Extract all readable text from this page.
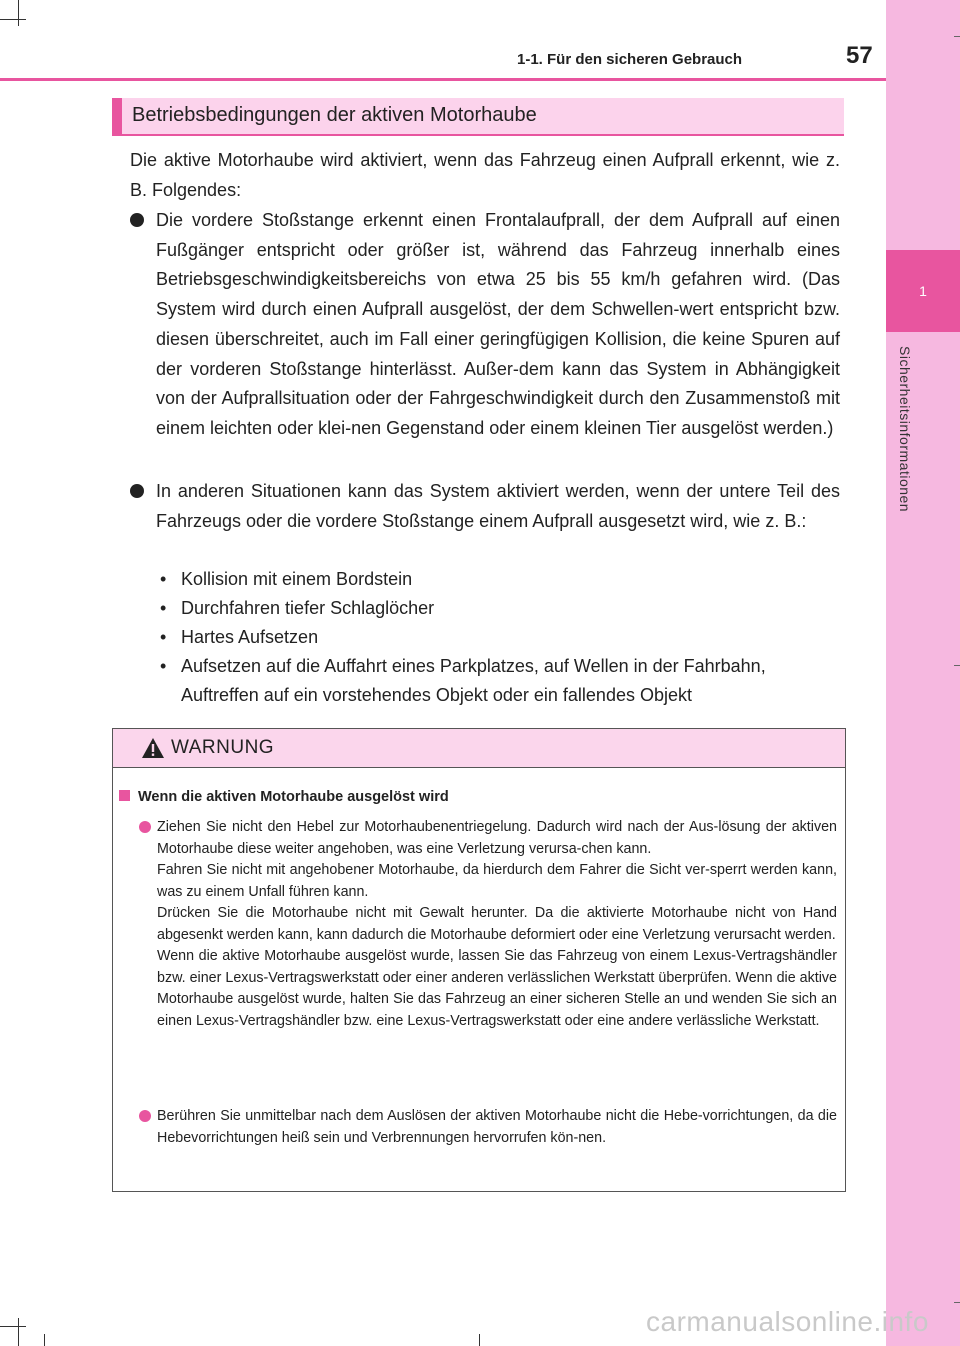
1
Sicherheitsinformationen
1-1. Für den sicheren Gebrauch	57
Betriebsbedingungen der aktiven Motorhaube
Die aktive Motorhaube wird aktiviert, wenn das Fahrzeug einen Aufprall erkennt, wie z. B. Folgendes:
Die vordere Stoßstange erkennt einen Frontalaufprall, der dem Aufprall auf einen Fußgänger entspricht oder größer ist, während das Fahrzeug innerhalb eines Betriebsgeschwindigkeitsbereichs von etwa 25 bis 55 km/h gefahren wird. (Das System wird durch einen Aufprall ausgelöst, der dem Schwellen-wert entspricht bzw. diesen überschreitet, auch im Fall einer geringfügigen Kollision, die keine Spuren auf der vorderen Stoßstange hinterlässt. Außer-dem kann das System in Abhängigkeit von der Aufprallsituation oder der Fahrgeschwindigkeit durch den Zusammenstoß mit einem leichten oder klei-nen Gegenstand oder einem kleinen Tier ausgelöst werden.)
In anderen Situationen kann das System aktiviert werden, wenn der untere Teil des Fahrzeugs oder die vordere Stoßstange einem Aufprall ausgesetzt wird, wie z. B.:
• Kollision mit einem Bordstein
• Durchfahren tiefer Schlaglöcher
• Hartes Aufsetzen
• Aufsetzen auf die Auffahrt eines Parkplatzes, auf Wellen in der Fahrbahn, Auftreffen auf ein vorstehendes Objekt oder ein fallendes Objekt
WARNUNG
Wenn die aktiven Motorhaube ausgelöst wird

Ziehen Sie nicht den Hebel zur Motorhaubenentriegelung. Dadurch wird nach der Aus-lösung der aktiven Motorhaube diese weiter angehoben, was eine Verletzung verursa-chen kann.

Fahren Sie nicht mit angehobener Motorhaube, da hierdurch dem Fahrer die Sicht ver-sperrt werden kann, was zu einem Unfall führen kann.

Drücken Sie die Motorhaube nicht mit Gewalt herunter. Da die aktivierte Motorhaube nicht von Hand abgesenkt werden kann, kann dadurch die Motorhaube deformiert oder eine Verletzung verursacht werden.

Wenn die aktive Motorhaube ausgelöst wurde, lassen Sie das Fahrzeug von einem Lexus-Vertragshändler bzw. einer Lexus-Vertragswerkstatt oder einer anderen verlässlichen Werkstatt überprüfen. Wenn die aktive Motorhaube ausgelöst wurde, halten Sie das Fahrzeug an einer sicheren Stelle an und wenden Sie sich an einen Lexus-Vertragshändler bzw. eine Lexus-Vertragswerkstatt oder eine andere verlässliche Werkstatt.

Berühren Sie unmittelbar nach dem Auslösen der aktiven Motorhaube nicht die Hebe-vorrichtungen, da die Hebevorrichtungen heiß sein und Verbrennungen hervorrufen kön-nen.

carmanualsonline.info
